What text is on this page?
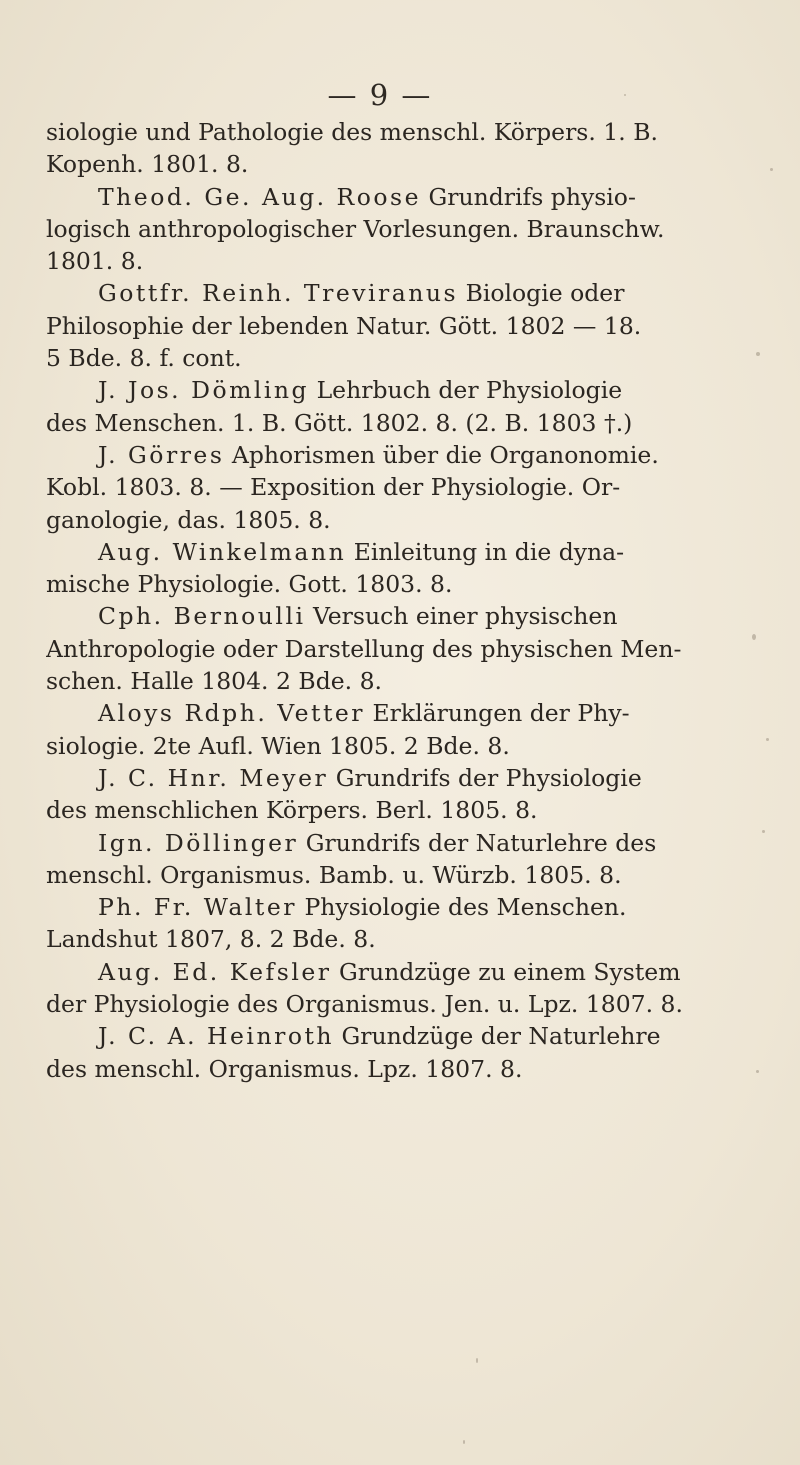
— 9 —
siologie und Pathologie des menschl. Körpers. 1. B.
Kopenh. 1801. 8.
Theod. Ge. Aug. Roose Grundrifs physio-
logisch anthropologischer Vorlesungen. Braunschw.
1801. 8.
Gottfr. Reinh. Treviranus Biologie oder
Philosophie der lebenden Natur. Gött. 1802 — 18.
5 Bde. 8. f. cont.
J. Jos. Dömling Lehrbuch der Physiologie
des Menschen. 1. B. Gött. 1802. 8. (2. B. 1803 †.)
J. Görres Aphorismen über die Organonomie.
Kobl. 1803. 8. — Exposition der Physiologie. Or-
ganologie, das. 1805. 8.
Aug. Winkelmann Einleitung in die dyna-
mische Physiologie. Gott. 1803. 8.
Cph. Bernoulli Versuch einer physischen
Anthropologie oder Darstellung des physischen Men-
schen. Halle 1804. 2 Bde. 8.
Aloys Rdph. Vetter Erklärungen der Phy-
siologie. 2te Aufl. Wien 1805. 2 Bde. 8.
J. C. Hnr. Meyer Grundrifs der Physiologie
des menschlichen Körpers. Berl. 1805. 8.
Ign. Döllinger Grundrifs der Naturlehre des
menschl. Organismus. Bamb. u. Würzb. 1805. 8.
Ph. Fr. Walter Physiologie des Menschen.
Landshut 1807, 8. 2 Bde. 8.
Aug. Ed. Kefsler Grundzüge zu einem System
der Physiologie des Organismus. Jen. u. Lpz. 1807. 8.
J. C. A. Heinroth Grundzüge der Naturlehre
des menschl. Organismus. Lpz. 1807. 8.
